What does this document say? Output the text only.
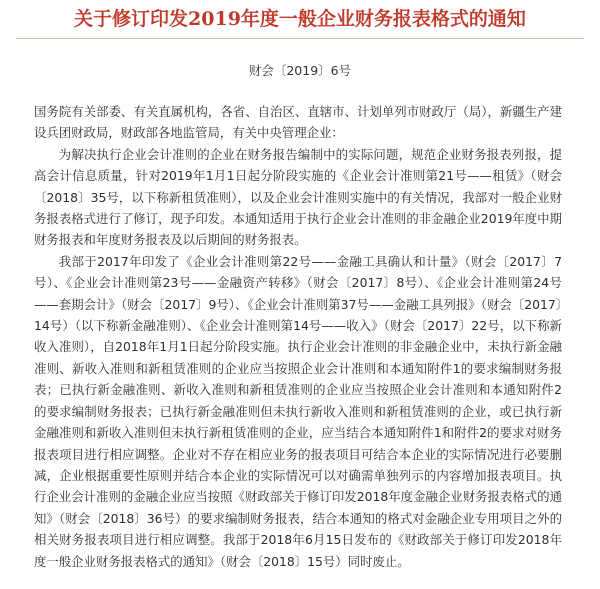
关于修订印发2019年度一般企业财务报表格式的通知
财会〔2019〕6号

国务院有关部委、有关直属机构，各省、自治区、直辖市、计划单列市财政厅（局），新疆生产建设兵团财政局，财政部各地监管局，有关中央管理企业：

为解决执行企业会计准则的企业在财务报告编制中的实际问题，规范企业财务报表列报，提高会计信息质量，针对2019年1月1日起分阶段实施的《企业会计准则第21号——租赁》（财会〔2018〕35号，以下称新租赁准则），以及企业会计准则实施中的有关情况，我部对一般企业财务报表格式进行了修订，现予印发。本通知适用于执行企业会计准则的非金融企业2019年度中期财务报表和年度财务报表及以后期间的财务报表。

我部于2017年印发了《企业会计准则第22号——金融工具确认和计量》（财会〔2017〕7号）、《企业会计准则第23号——金融资产转移》（财会〔2017〕8号）、《企业会计准则第24号——套期会计》（财会〔2017〕9号）、《企业会计准则第37号——金融工具列报》（财会〔2017〕14号）（以下称新金融准则）、《企业会计准则第14号——收入》（财会〔2017〕22号，以下称新收入准则），自2018年1月1日起分阶段实施。执行企业会计准则的非金融企业中，未执行新金融准则、新收入准则和新租赁准则的企业应当按照企业会计准则和本通知附件1的要求编制财务报表；已执行新金融准则、新收入准则和新租赁准则的企业应当按照企业会计准则和本通知附件2的要求编制财务报表；已执行新金融准则但未执行新收入准则和新租赁准则的企业，或已执行新金融准则和新收入准则但未执行新租赁准则的企业，应当结合本通知附件1和附件2的要求对财务报表项目进行相应调整。企业对不存在相应业务的报表项目可结合本企业的实际情况进行必要删减，企业根据重要性原则并结合本企业的实际情况可以对确需单独列示的内容增加报表项目。执行企业会计准则的金融企业应当按照《财政部关于修订印发2018年度金融企业财务报表格式的通知》（财会〔2018〕36号）的要求编制财务报表，结合本通知的格式对金融企业专用项目之外的相关财务报表项目进行相应调整。我部于2018年6月15日发布的《财政部关于修订印发2018年度一般企业财务报表格式的通知》（财会〔2018〕15号）同时废止。
